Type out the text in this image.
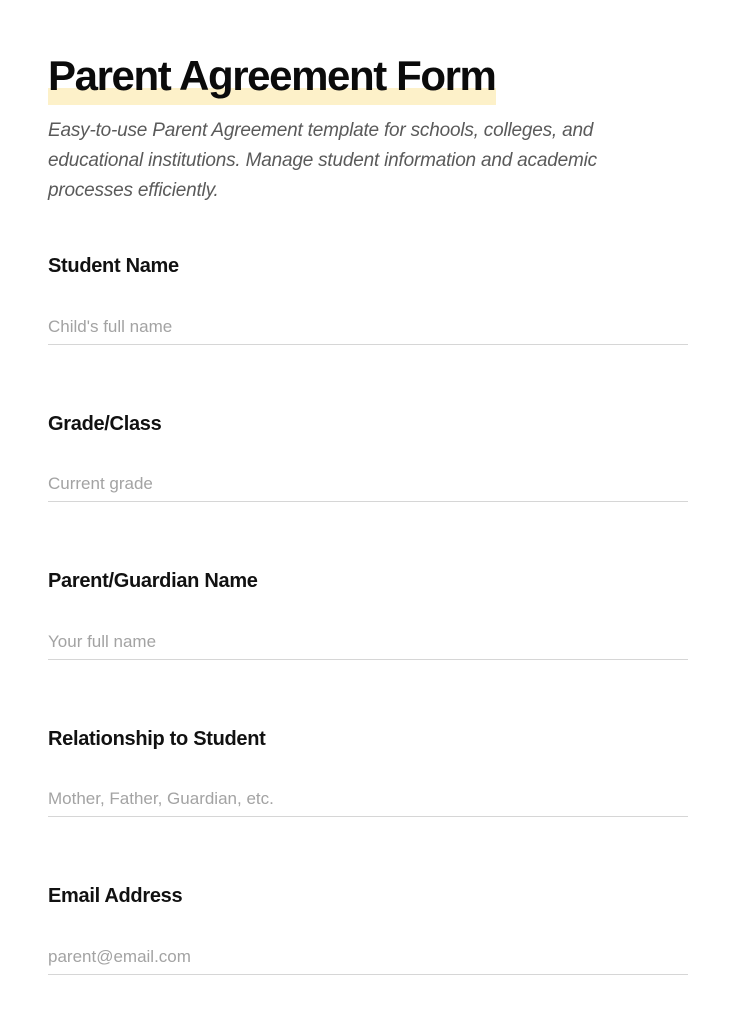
Parent Agreement Form

Easy-to-use Parent Agreement template for schools, colleges, and educational institutions. Manage student information and academic processes efficiently.

Student Name
Child's full name
Grade/Class
Current grade
Parent/Guardian Name
Your full name
Relationship to Student
Mother, Father, Guardian, etc.
Email Address
parent@email.com
